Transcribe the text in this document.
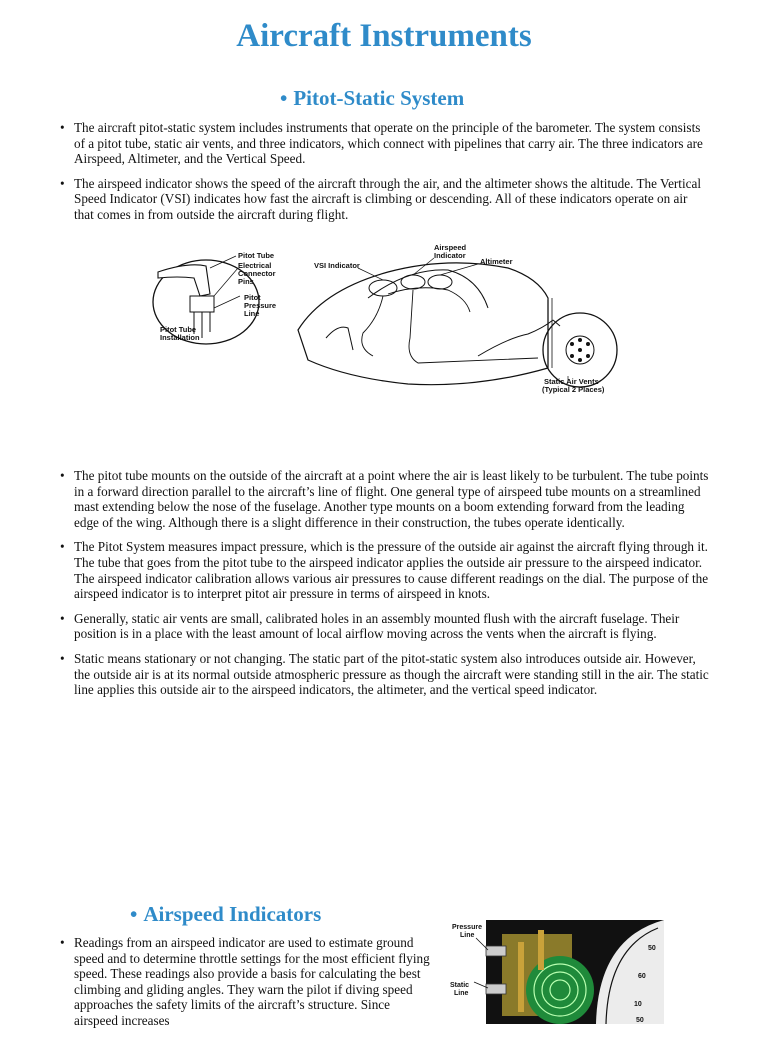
Aircraft Instruments
• Pitot-Static System
• The aircraft pitot-static system includes instruments that operate on the principle of the barometer. The system consists of a pitot tube, static air vents, and three indicators, which connect with pipelines that carry air. The three indicators are Airspeed, Altimeter, and the Vertical Speed.
• The airspeed indicator shows the speed of the aircraft through the air, and the altimeter shows the altitude. The Vertical Speed Indicator (VSI) indicates how fast the aircraft is climbing or descending. All of these indicators operate on air that comes in from outside the aircraft during flight.
Pitot Tube
Electrical
Connector
Pins
Pitot
Pressure
Line
Pitot Tube
Installation
VSI Indicator
Airspeed
Indicator
Altimeter
Static Air Vents
(Typical 2 Places)
• The pitot tube mounts on the outside of the aircraft at a point where the air is least likely to be turbulent. The tube points in a forward direction parallel to the aircraft’s line of flight. One general type of airspeed tube mounts on a streamlined mast extending below the nose of the fuselage. Another type mounts on a boom extending forward from the leading edge of the wing. Although there is a slight difference in their construction, the tubes operate identically.
• The Pitot System measures impact pressure, which is the pressure of the outside air against the aircraft flying through it. The tube that goes from the pitot tube to the airspeed indicator applies the outside air pressure to the airspeed indicator. The airspeed indicator calibration allows various air pressures to cause different readings on the dial. The purpose of the airspeed indicator is to interpret pitot air pressure in terms of airspeed in knots.
• Generally, static air vents are small, calibrated holes in an assembly mounted flush with the aircraft fuselage. Their position is in a place with the least amount of local airflow moving across the vents when the aircraft is flying.
• Static means stationary or not changing. The static part of the pitot-static system also introduces outside air. However, the outside air is at its normal outside atmospheric pressure as though the aircraft were standing still in the air. The static line applies this outside air to the airspeed indicators, the altimeter, and the vertical speed indicator.
• Airspeed Indicators
• Readings from an airspeed indicator are used to estimate ground speed and to determine throttle settings for the most efficient flying speed. These readings also provide a basis for calculating the best climbing and gliding angles. They warn the pilot if diving speed approaches the safety limits of the aircraft’s structure. Since airspeed increases
Pressure
Line
Static
Line
50
60
10
50
